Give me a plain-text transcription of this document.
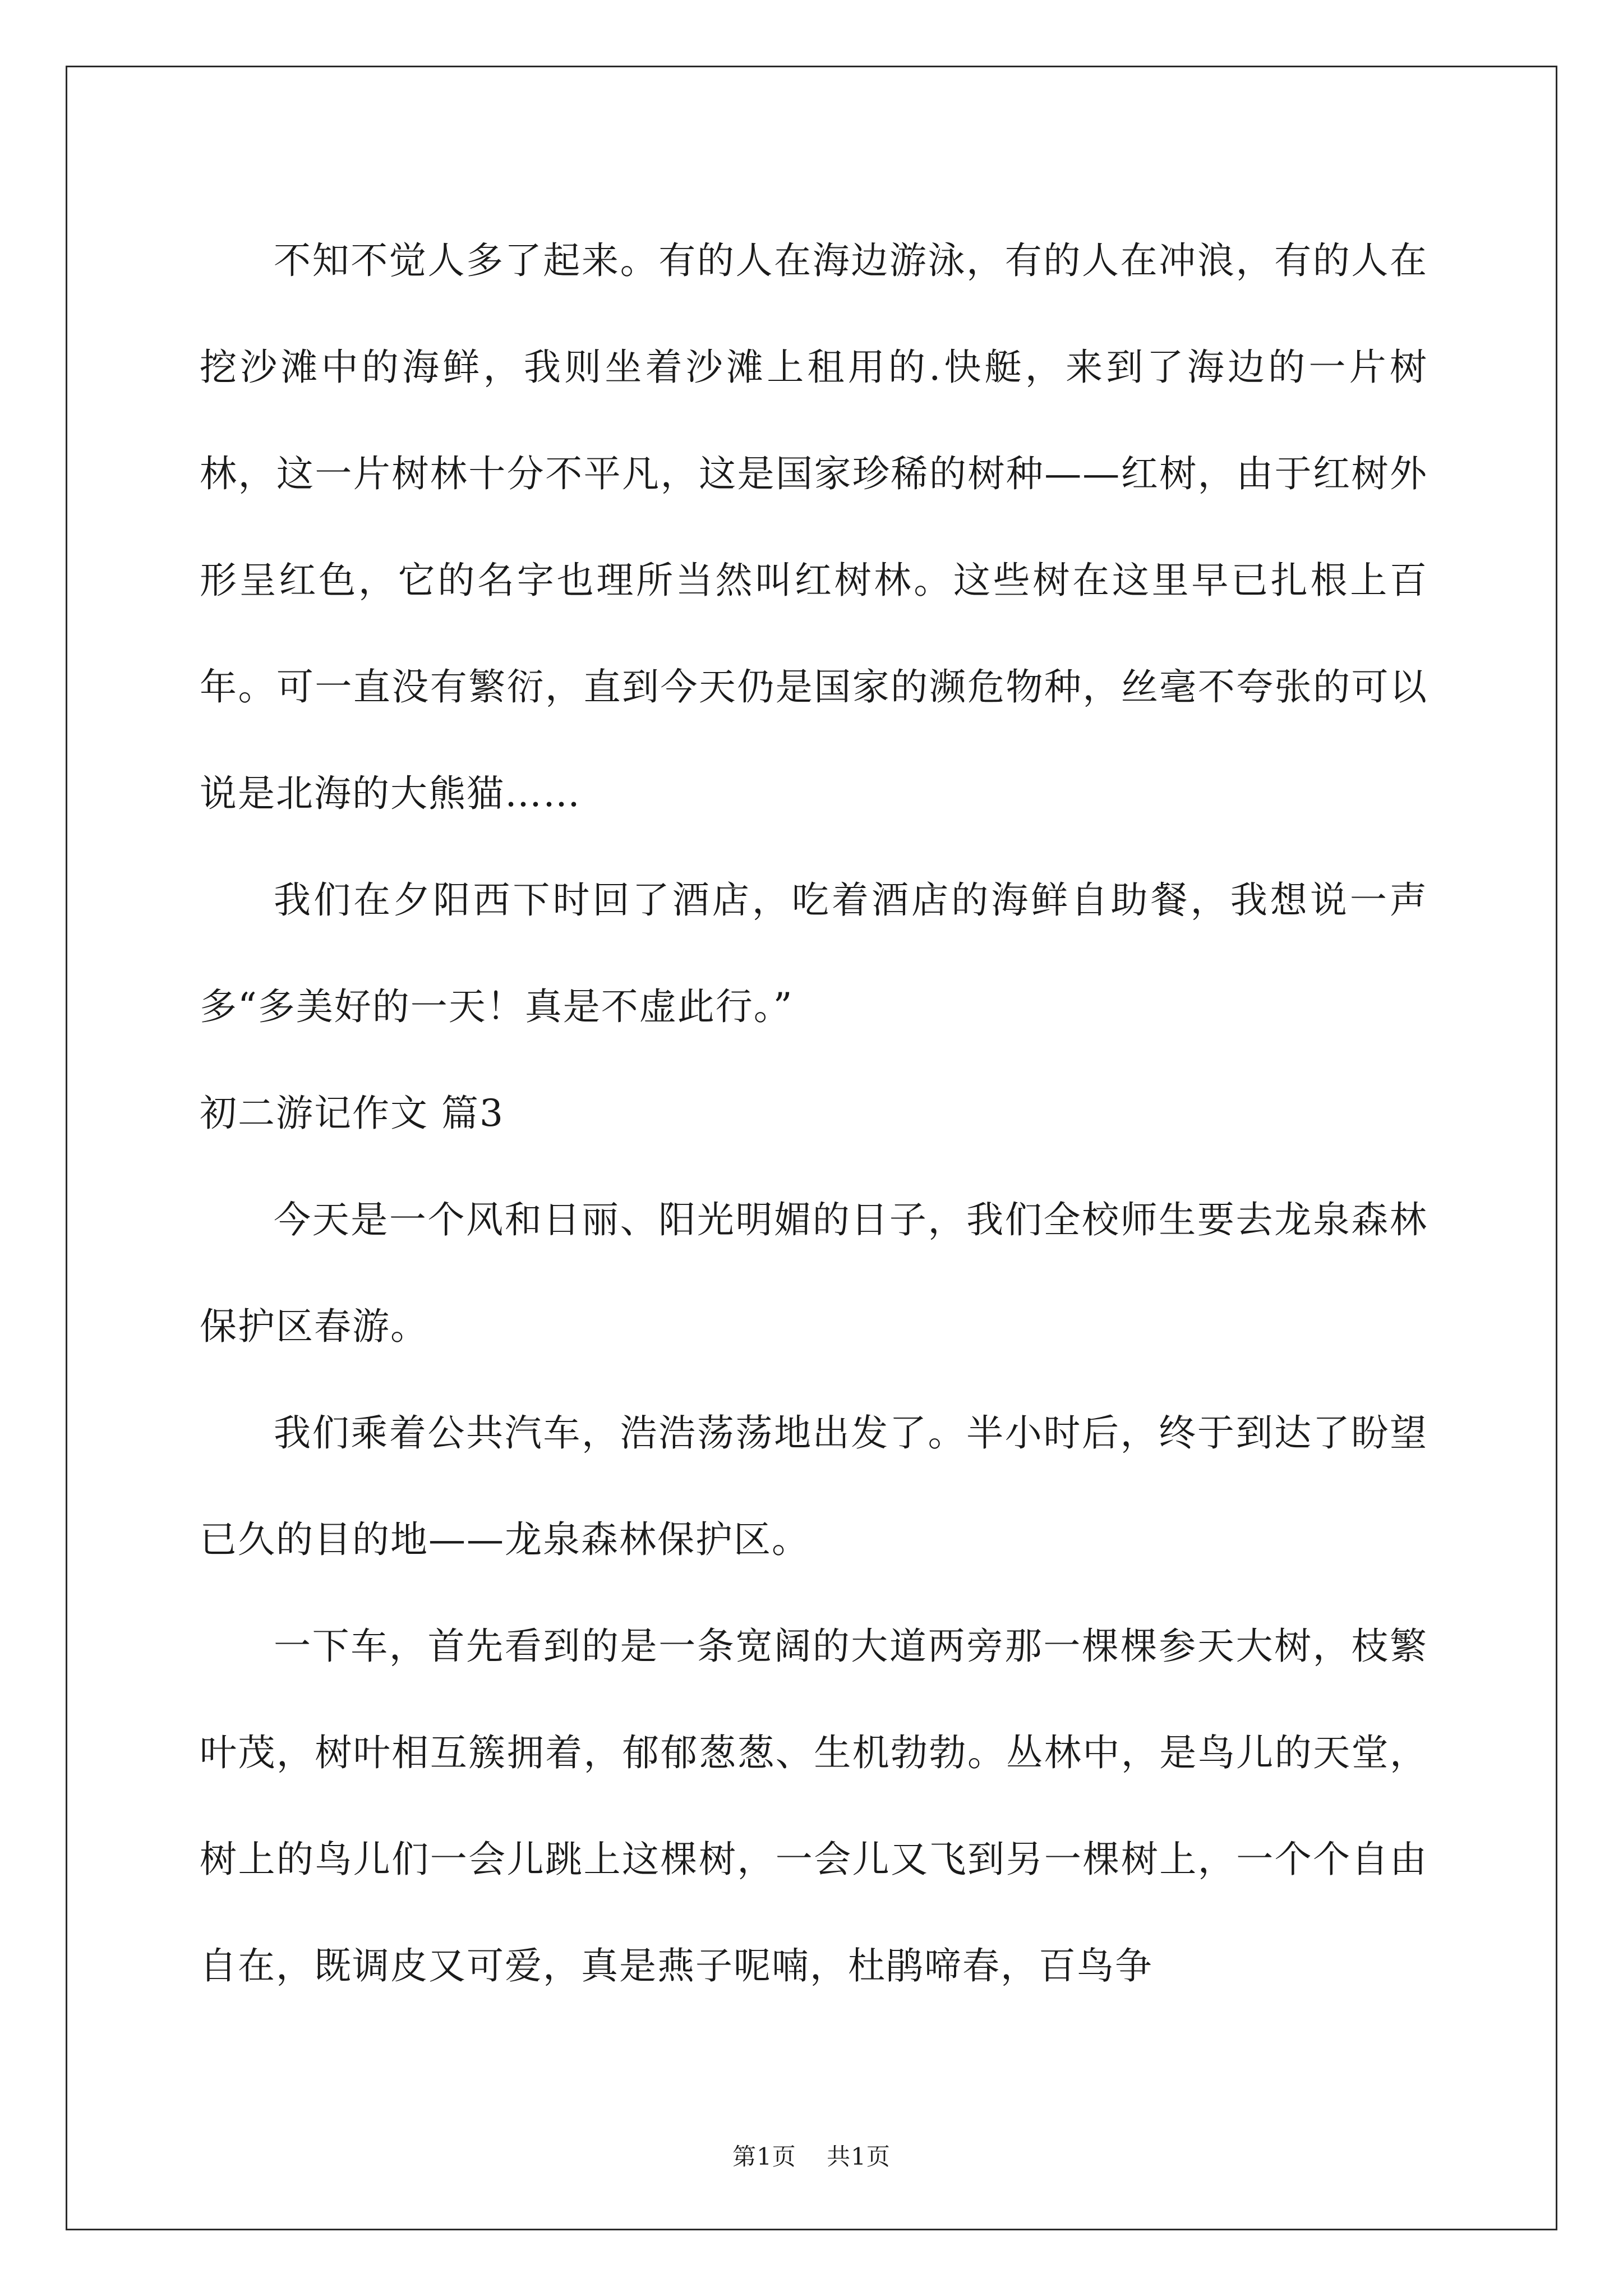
不知不觉人多了起来。有的人在海边游泳，有的人在冲浪，有的人在挖沙滩中的海鲜，我则坐着沙滩上租用的.快艇，来到了海边的一片树林，这一片树林十分不平凡，这是国家珍稀的树种——红树，由于红树外形呈红色，它的名字也理所当然叫红树林。这些树在这里早已扎根上百年。可一直没有繁衍，直到今天仍是国家的濒危物种，丝毫不夸张的可以说是北海的大熊猫……

我们在夕阳西下时回了酒店，吃着酒店的海鲜自助餐，我想说一声多“多美好的一天！真是不虚此行。”

初二游记作文 篇3

今天是一个风和日丽、阳光明媚的日子，我们全校师生要去龙泉森林保护区春游。

我们乘着公共汽车，浩浩荡荡地出发了。半小时后，终于到达了盼望已久的目的地——龙泉森林保护区。

一下车，首先看到的是一条宽阔的大道两旁那一棵棵参天大树，枝繁叶茂，树叶相互簇拥着，郁郁葱葱、生机勃勃。丛林中，是鸟儿的天堂，树上的鸟儿们一会儿跳上这棵树，一会儿又飞到另一棵树上，一个个自由自在，既调皮又可爱，真是燕子呢喃，杜鹃啼春，百鸟争

第1页 共1页
